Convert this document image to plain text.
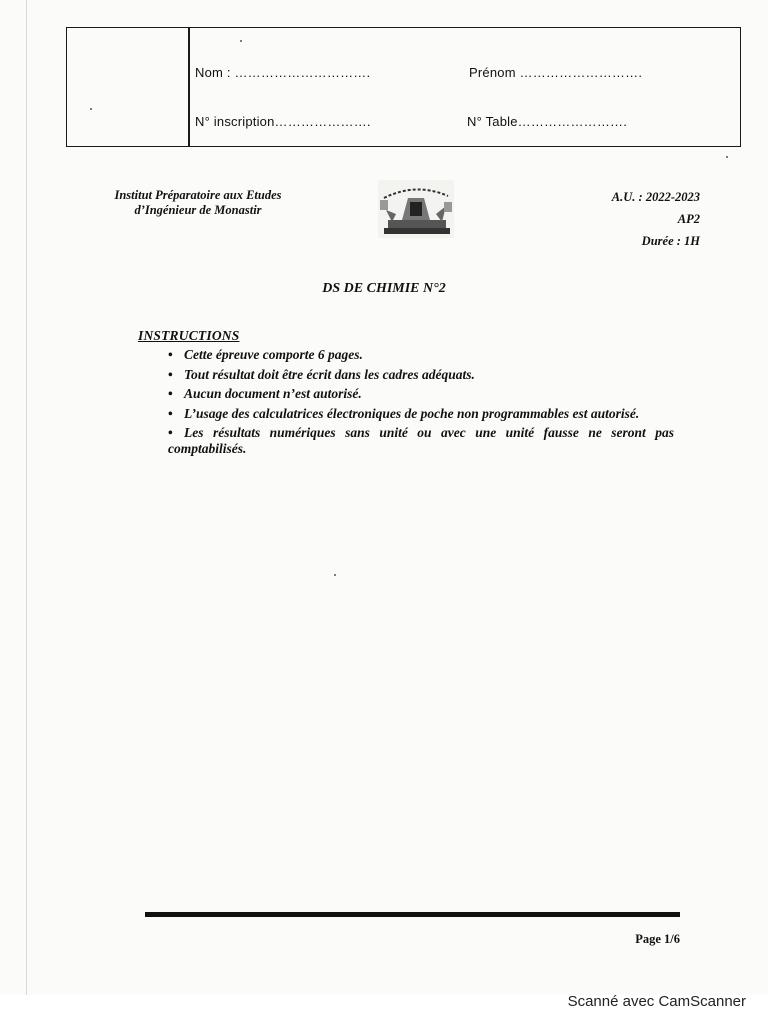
Nom : ………………………….	Prénom ……………………….
N° inscription………………….	N° Table…………………….
Institut Préparatoire aux Etudes
d’Ingénieur de Monastir
A.U. : 2022-2023
AP2
Durée : 1H
DS DE CHIMIE N°2
INSTRUCTIONS
• Cette épreuve comporte 6 pages.
• Tout résultat doit être écrit dans les cadres adéquats.
• Aucun document n’est autorisé.
• L’usage des calculatrices électroniques de poche non programmables est autorisé.
• Les résultats numériques sans unité ou avec une unité fausse ne seront pas comptabilisés.
Page 1/6
Scanné avec CamScanner
